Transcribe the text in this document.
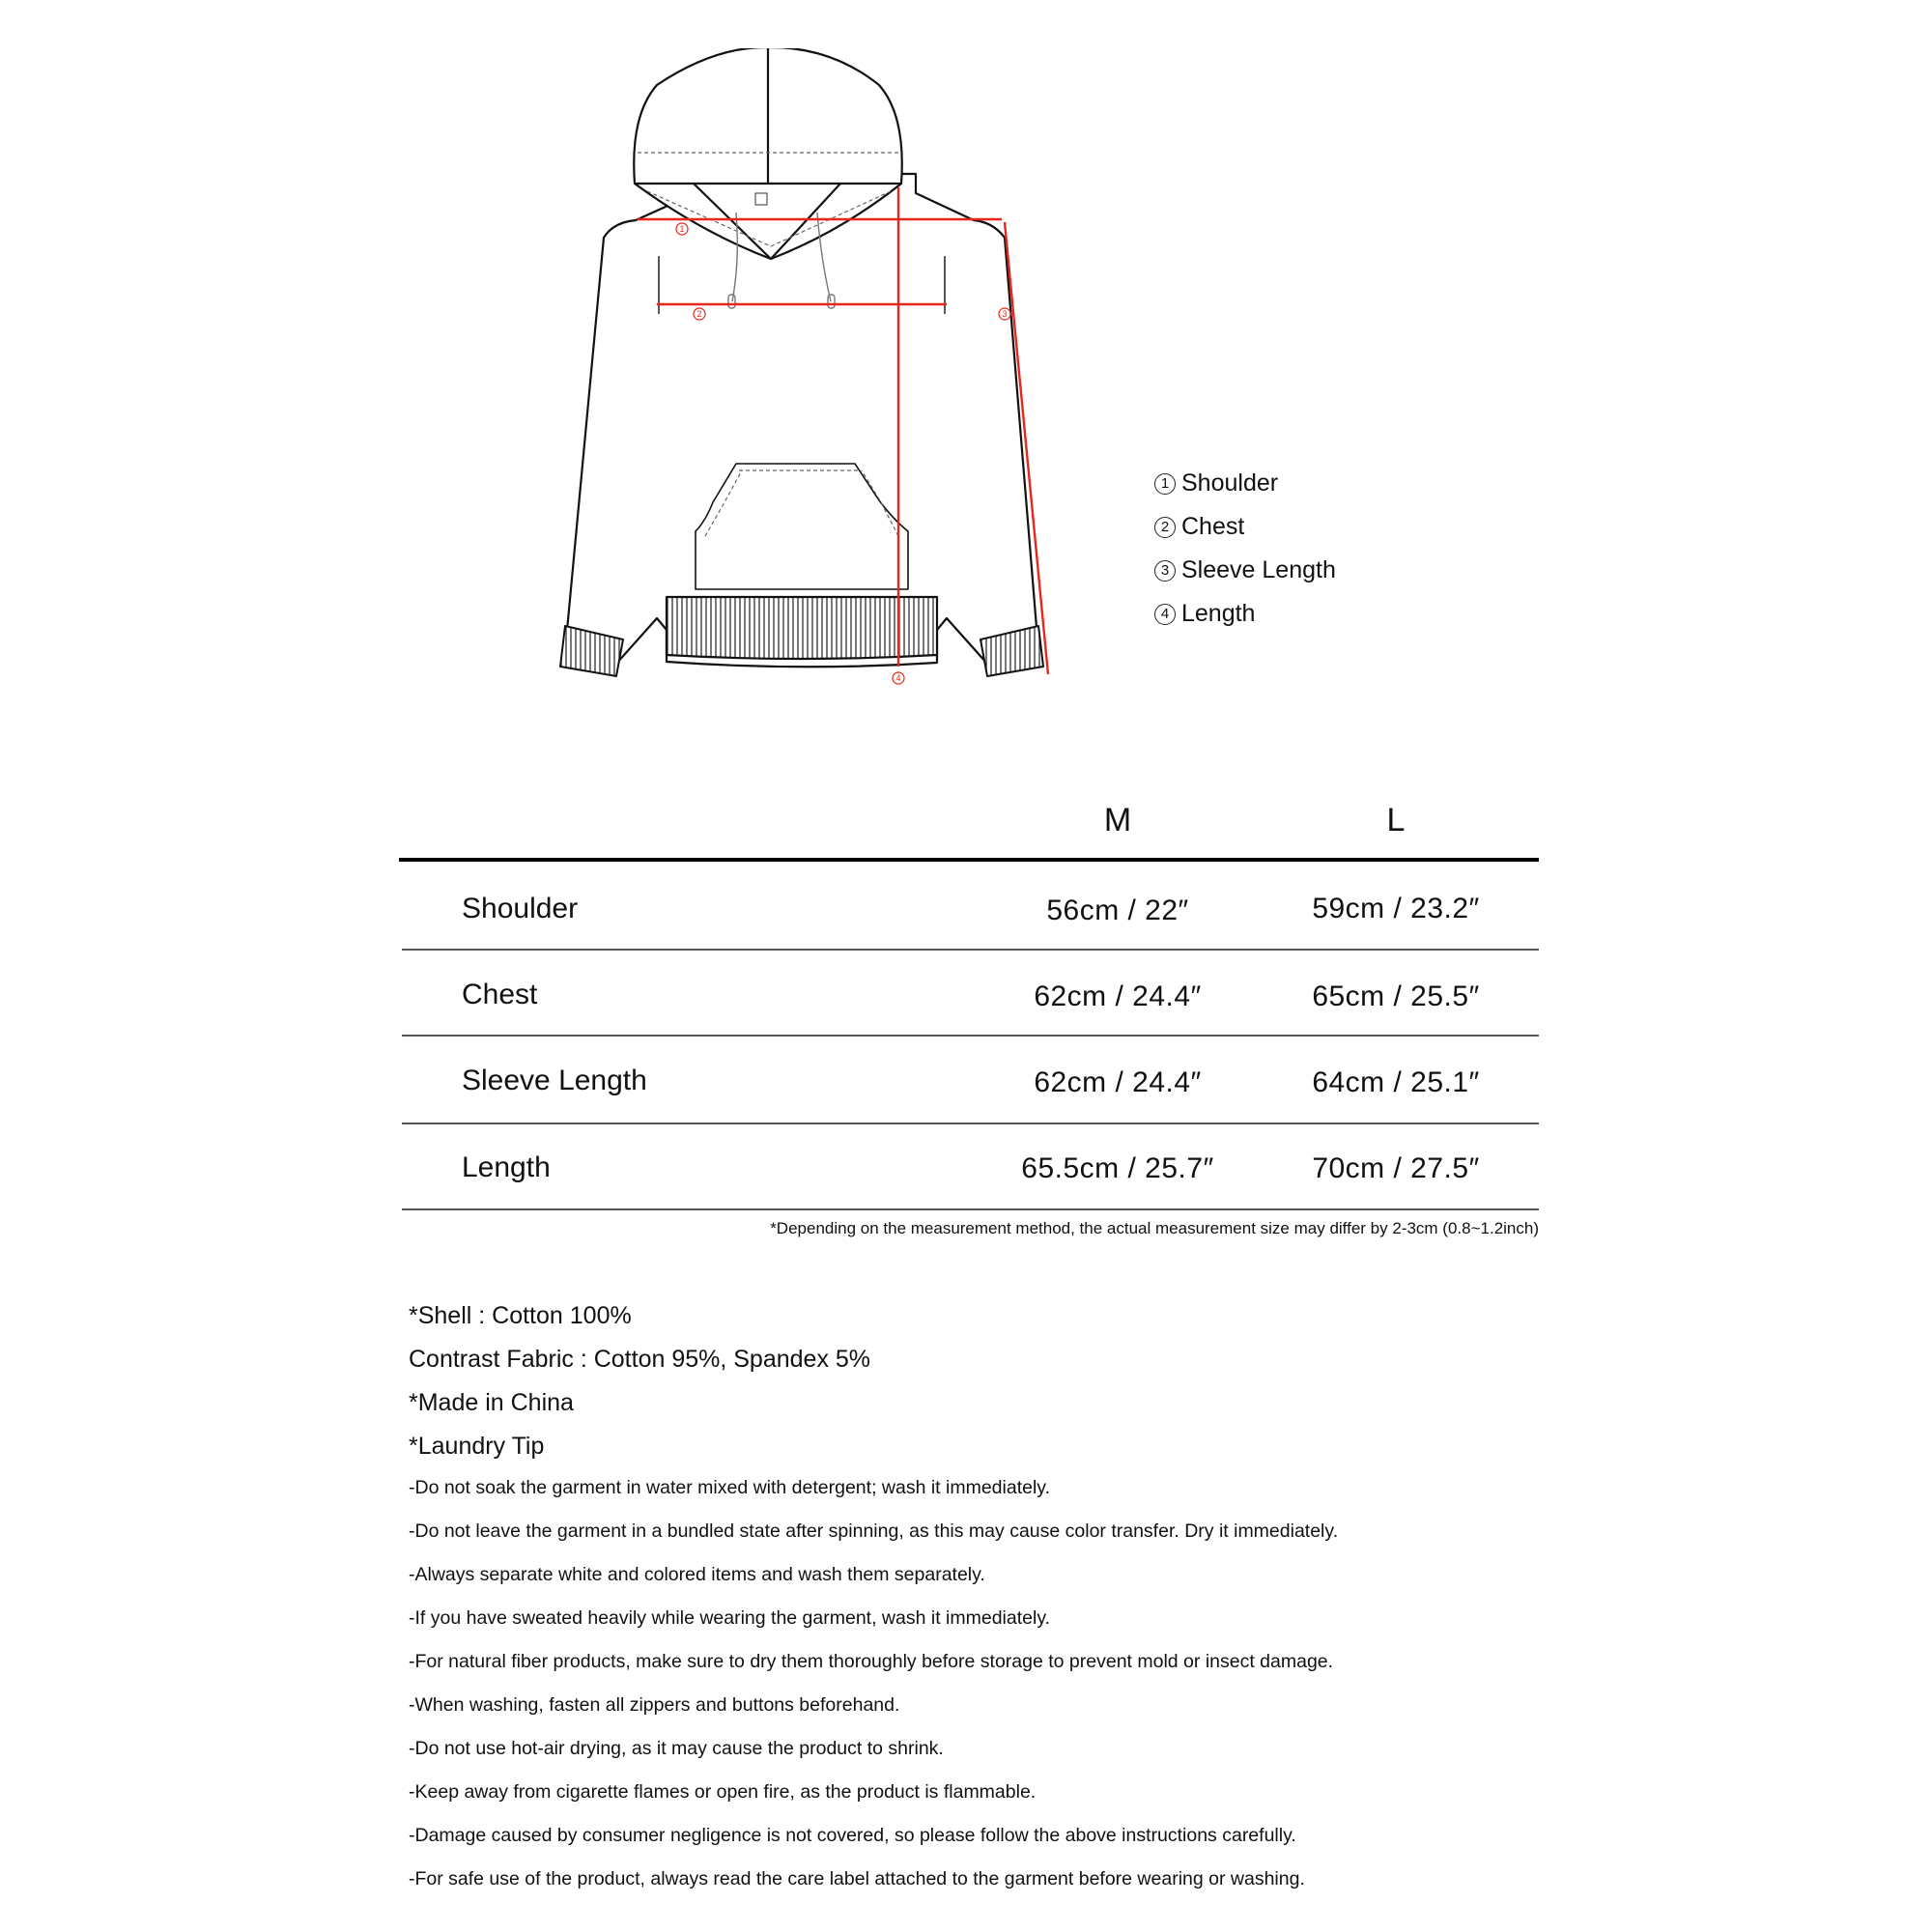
1
2	3
4
1 Shoulder
2 Chest
3 Sleeve Length
4 Length
M	L
Shoulder	56cm / 22″	59cm / 23.2″
Chest	62cm / 24.4″	65cm / 25.5″
Sleeve Length	62cm / 24.4″	64cm / 25.1″
Length	65.5cm / 25.7″	70cm / 27.5″
*Depending on the measurement method, the actual measurement size may differ by 2-3cm (0.8~1.2inch)
*Shell : Cotton 100%
Contrast Fabric : Cotton 95%, Spandex 5%
*Made in China
*Laundry Tip
-Do not soak the garment in water mixed with detergent; wash it immediately.
-Do not leave the garment in a bundled state after spinning, as this may cause color transfer. Dry it immediately.
-Always separate white and colored items and wash them separately.
-If you have sweated heavily while wearing the garment, wash it immediately.
-For natural fiber products, make sure to dry them thoroughly before storage to prevent mold or insect damage.
-When washing, fasten all zippers and buttons beforehand.
-Do not use hot-air drying, as it may cause the product to shrink.
-Keep away from cigarette flames or open fire, as the product is flammable.
-Damage caused by consumer negligence is not covered, so please follow the above instructions carefully.
-For safe use of the product, always read the care label attached to the garment before wearing or washing.
